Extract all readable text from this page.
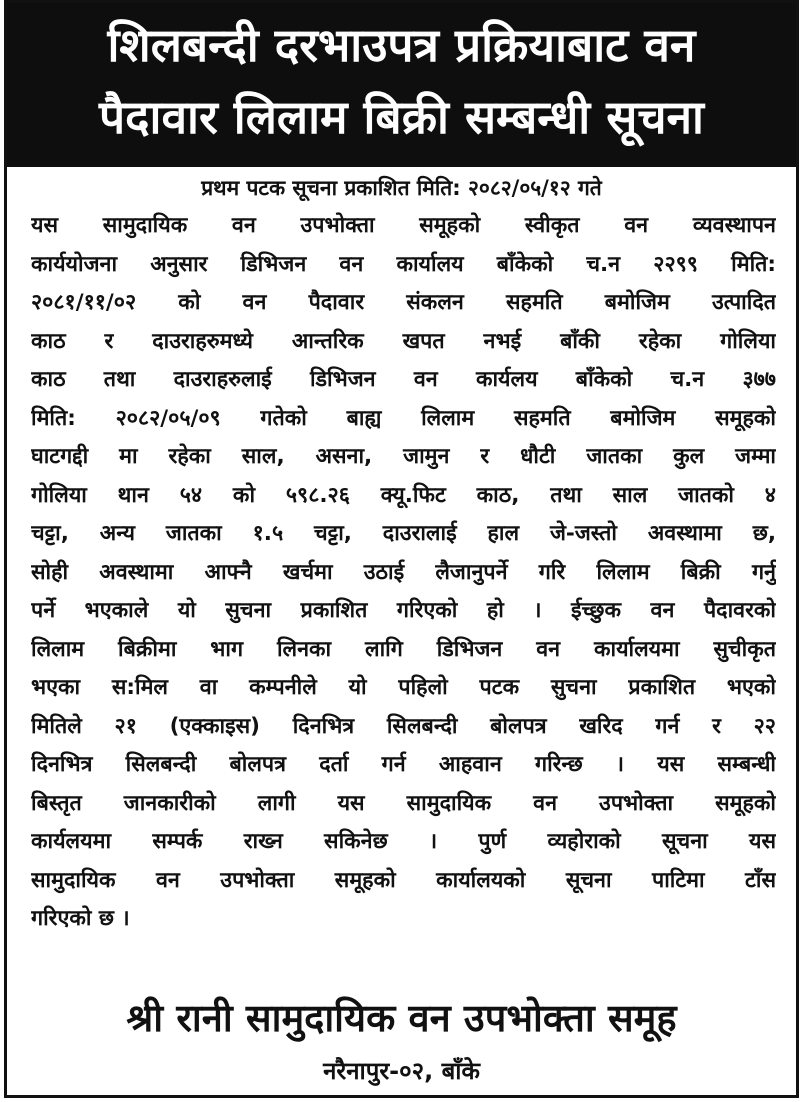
शिलबन्दी दरभाउपत्र प्रक्रियाबाट वन
पैदावार लिलाम बिक्री सम्बन्धी सूचना
प्रथम पटक सूचना प्रकाशित मिति: २०८२/०५/१२ गते
यस सामुदायिक वन उपभोक्ता समूहको स्वीकृत वन व्यवस्थापन
कार्ययोजना अनुसार डिभिजन वन कार्यालय बाँकेको च.न २२९९ मिति:
२०८१/११/०२ को वन पैदावार संकलन सहमति बमोजिम उत्पादित
काठ र दाउराहरुमध्ये आन्तरिक खपत नभई बाँकी रहेका गोलिया
काठ तथा दाउराहरुलाई डिभिजन वन कार्यलय बाँकेको च.न ३७७
मिति: २०८२/०५/०९ गतेको बाह्य लिलाम सहमति बमोजिम समूहको
घाटगद्दी मा रहेका साल, असना, जामुन र धौटी जातका कुल जम्मा
गोलिया थान ५४ को ५९८.२६ क्यू.फिट काठ, तथा साल जातको ४
चट्टा, अन्य जातका १.५ चट्टा, दाउरालाई हाल जे-जस्तो अवस्थामा छ,
सोही अवस्थामा आफ्नै खर्चमा उठाई लैजानुपर्ने गरि लिलाम बिक्री गर्नु
पर्ने भएकाले यो सुचना प्रकाशित गरिएको हो । ईच्छुक वन पैदावरको
लिलाम बिक्रीमा भाग लिनका लागि डिभिजन वन कार्यालयमा सुचीकृत
भएका स:मिल वा कम्पनीले यो पहिलो पटक सुचना प्रकाशित भएको
मितिले २१ (एक्काइस) दिनभित्र सिलबन्दी बोलपत्र खरिद गर्न र २२
दिनभित्र सिलबन्दी बोलपत्र दर्ता गर्न आहवान गरिन्छ । यस सम्बन्धी
बिस्तृत जानकारीको लागी यस सामुदायिक वन उपभोक्ता समूहको
कार्यलयमा सम्पर्क राख्न सकिनेछ । पुर्ण व्यहोराको सूचना यस
सामुदायिक वन उपभोक्ता समूहको कार्यालयको सूचना पाटिमा टाँस
गरिएको छ ।
श्री रानी सामुदायिक वन उपभोक्ता समूह
नरैनापुर-०२, बाँके
